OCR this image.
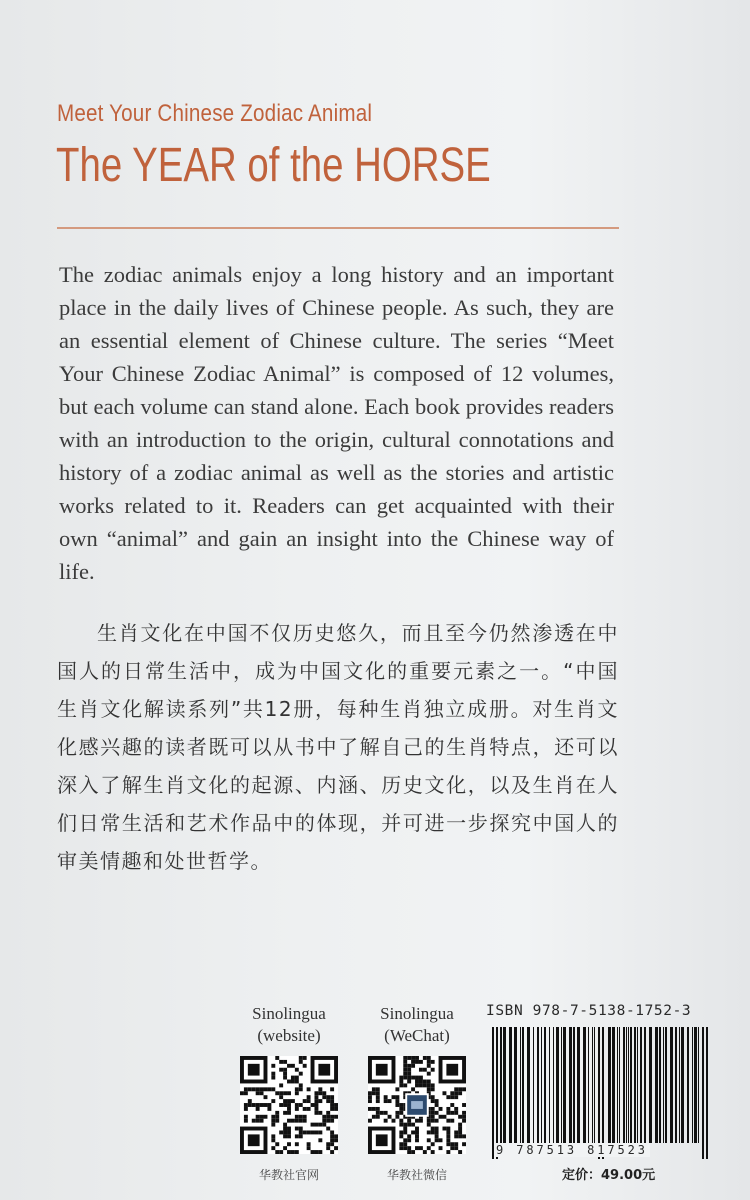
Meet Your Chinese Zodiac Animal
The YEAR of the HORSE
The zodiac animals enjoy a long history and an important place in the daily lives of Chinese people. As such, they are an essential element of Chinese culture. The series “Meet Your Chinese Zodiac Animal” is composed of 12 volumes, but each volume can stand alone. Each book provides readers with an introduction to the origin, cultural connotations and history of a zodiac animal as well as the stories and artistic works related to it. Readers can get acquainted with their own “animal” and gain an insight into the Chinese way of life.
生肖文化在中国不仅历史悠久，而且至今仍然渗透在中国人的日常生活中，成为中国文化的重要元素之一。“中国生肖文化解读系列”共12册，每种生肖独立成册。对生肖文化感兴趣的读者既可以从书中了解自己的生肖特点，还可以深入了解生肖文化的起源、内涵、历史文化，以及生肖在人们日常生活和艺术作品中的体现，并可进一步探究中国人的审美情趣和处世哲学。
Sinolingua
(website)
华教社官网
Sinolingua
(WeChat)
华教社微信
ISBN 978-7-5138-1752-3
9 787513 817523
定价：49.00元
